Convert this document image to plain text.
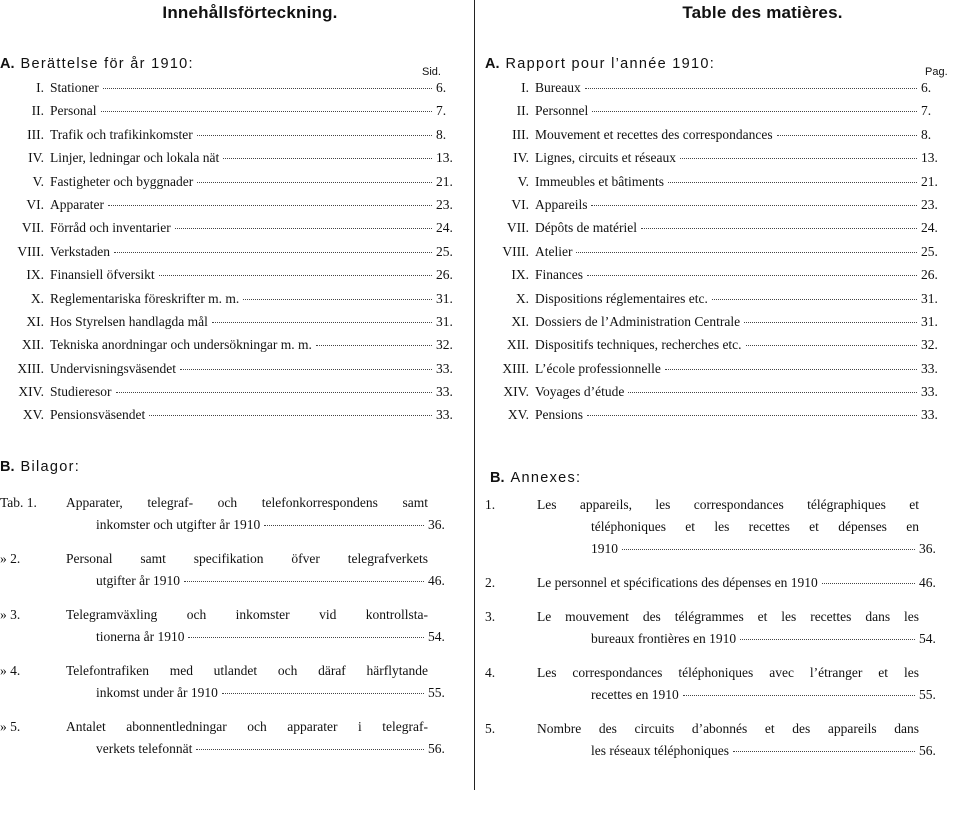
Innehållsförteckning.
A. Berättelse för år 1910:	Sid.
I. Stationer	6.
II. Personal	7.
III. Trafik och trafikinkomster	8.
IV. Linjer, ledningar och lokala nät	13.
V. Fastigheter och byggnader	21.
VI. Apparater	23.
VII. Förråd och inventarier	24.
VIII. Verkstaden	25.
IX. Finansiell öfversikt	26.
X. Reglementariska föreskrifter m. m.	31.
XI. Hos Styrelsen handlagda mål	31.
XII. Tekniska anordningar och undersökningar m. m.	32.
XIII. Undervisningsväsendet	33.
XIV. Studieresor	33.
XV. Pensionsväsendet	33.
B. Bilagor:
Tab. 1.	Apparater, telegraf- och telefonkorrespondens samt
inkomster och utgifter år 1910	36.
» 2.	Personal samt specifikation öfver telegrafverkets
utgifter år 1910	46.
» 3.	Telegramväxling och inkomster vid kontrollsta-
tionerna år 1910	54.
» 4.	Telefontrafiken med utlandet och däraf härflytande
inkomst under år 1910	55.
» 5.	Antalet abonnentledningar och apparater i telegraf-
verkets telefonnät	56.
Table des matières.
A. Rapport pour l’année 1910:	Pag.
I. Bureaux	6.
II. Personnel	7.
III. Mouvement et recettes des correspondances	8.
IV. Lignes, circuits et réseaux	13.
V. Immeubles et bâtiments	21.
VI. Appareils	23.
VII. Dépôts de matériel	24.
VIII. Atelier	25.
IX. Finances	26.
X. Dispositions réglementaires etc.	31.
XI. Dossiers de l’Administration Centrale	31.
XII. Dispositifs techniques, recherches etc.	32.
XIII. L’école professionnelle	33.
XIV. Voyages d’étude	33.
XV. Pensions	33.
B. Annexes:
1.	Les appareils, les correspondances télégraphiques et
téléphoniques et les recettes et dépenses en
1910	36.
2.	Le personnel et spécifications des dépenses en 1910	46.
3.	Le mouvement des télégrammes et les recettes dans les
bureaux frontières en 1910	54.
4.	Les correspondances téléphoniques avec l’étranger et les
recettes en 1910	55.
5.	Nombre des circuits d’abonnés et des appareils dans
les réseaux téléphoniques	56.
